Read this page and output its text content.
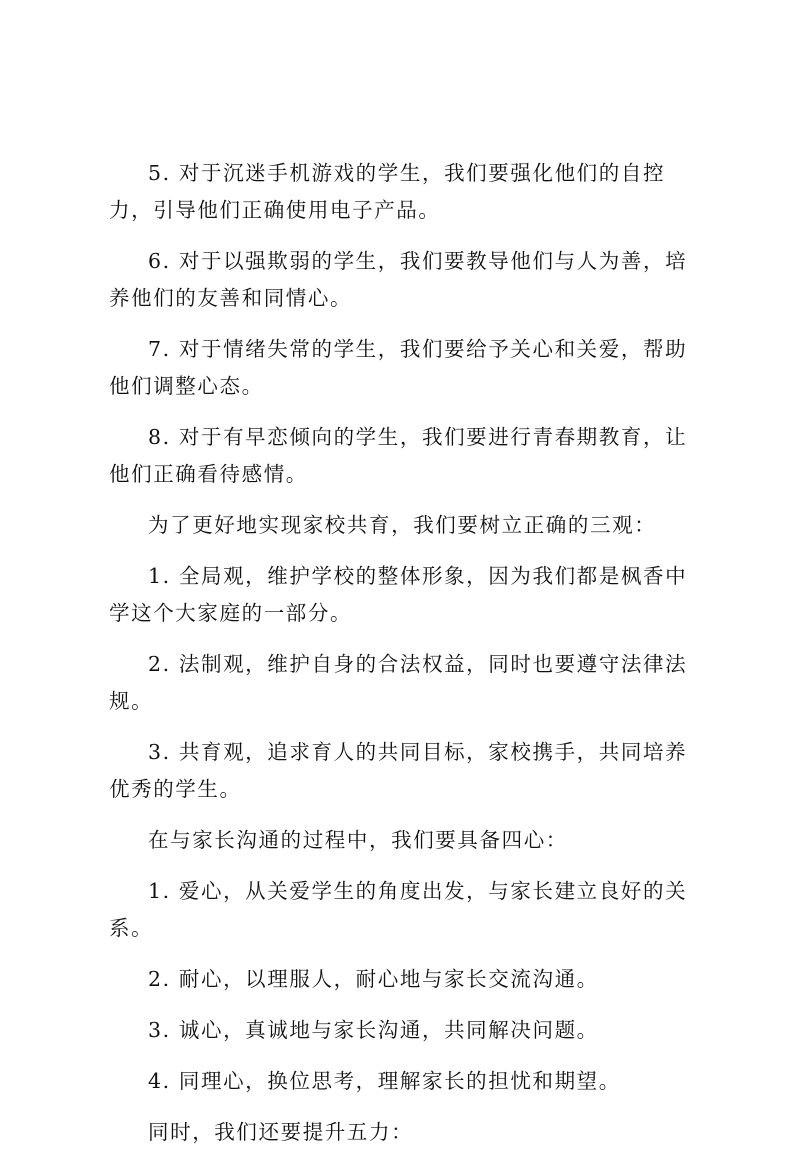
5. 对于沉迷手机游戏的学生，我们要强化他们的自控力，引导他们正确使用电子产品。

6. 对于以强欺弱的学生，我们要教导他们与人为善，培养他们的友善和同情心。

7. 对于情绪失常的学生，我们要给予关心和关爱，帮助他们调整心态。

8. 对于有早恋倾向的学生，我们要进行青春期教育，让他们正确看待感情。

为了更好地实现家校共育，我们要树立正确的三观：

1. 全局观，维护学校的整体形象，因为我们都是枫香中学这个大家庭的一部分。

2. 法制观，维护自身的合法权益，同时也要遵守法律法规。

3. 共育观，追求育人的共同目标，家校携手，共同培养优秀的学生。

在与家长沟通的过程中，我们要具备四心：

1. 爱心，从关爱学生的角度出发，与家长建立良好的关系。

2. 耐心，以理服人，耐心地与家长交流沟通。

3. 诚心，真诚地与家长沟通，共同解决问题。

4. 同理心，换位思考，理解家长的担忧和期望。

同时，我们还要提升五力：
